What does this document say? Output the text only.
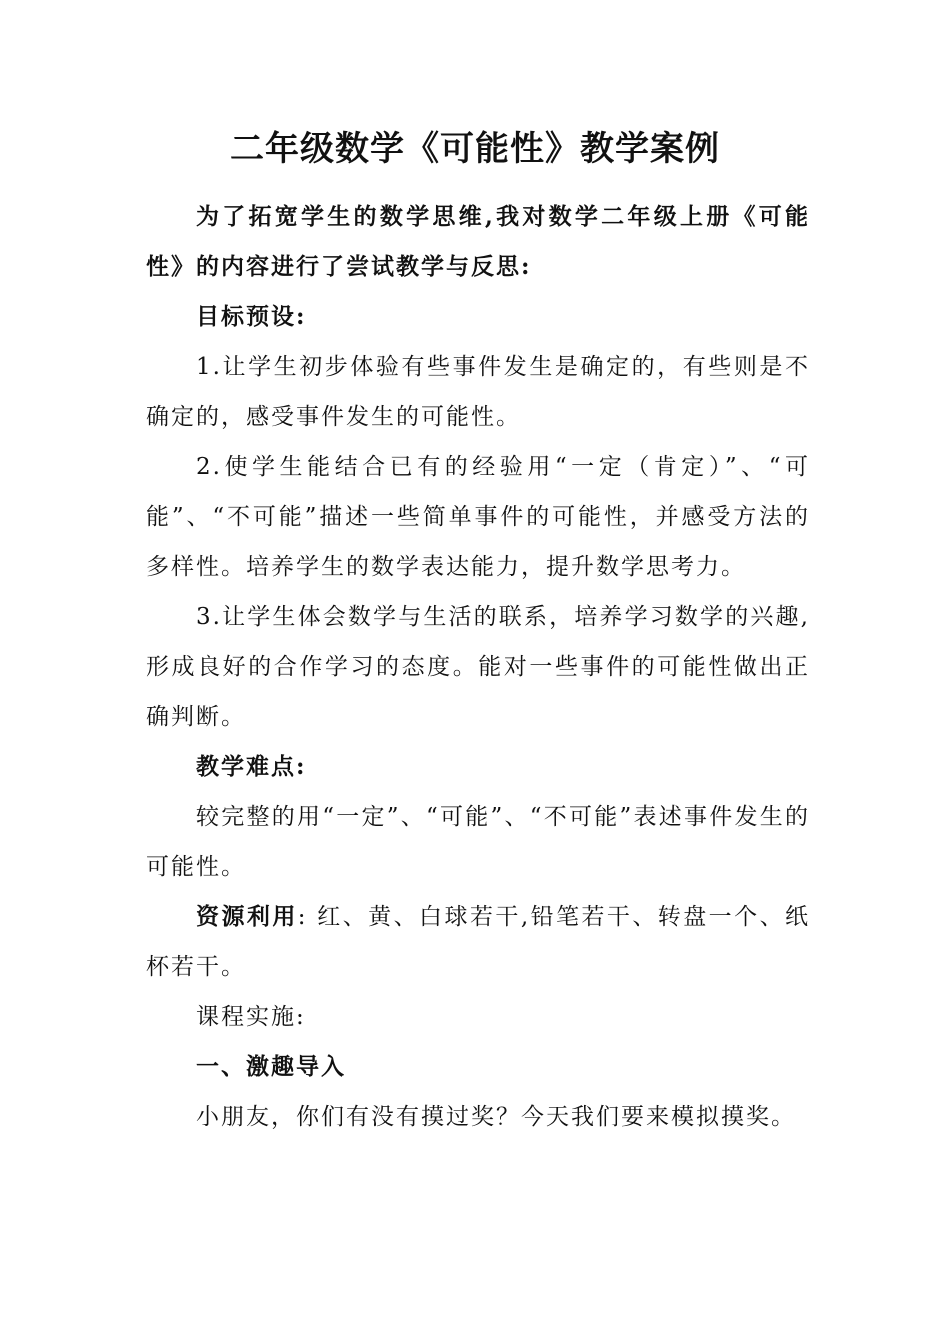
二年级数学《可能性》教学案例

为了拓宽学生的数学思维,我对数学二年级上册《可能性》的内容进行了尝试教学与反思:

目标预设:

1.让学生初步体验有些事件发生是确定的，有些则是不确定的，感受事件发生的可能性。

2.使学生能结合已有的经验用“一定（肯定）”、“可能”、“不可能”描述一些简单事件的可能性，并感受方法的多样性。培养学生的数学表达能力，提升数学思考力。

3.让学生体会数学与生活的联系，培养学习数学的兴趣,形成良好的合作学习的态度。能对一些事件的可能性做出正确判断。

教学难点:

较完整的用“一定”、“可能”、“不可能”表述事件发生的可能性。

资源利用: 红、黄、白球若干,铅笔若干、转盘一个、纸杯若干。

课程实施:

一、激趣导入

小朋友，你们有没有摸过奖？今天我们要来模拟摸奖。
